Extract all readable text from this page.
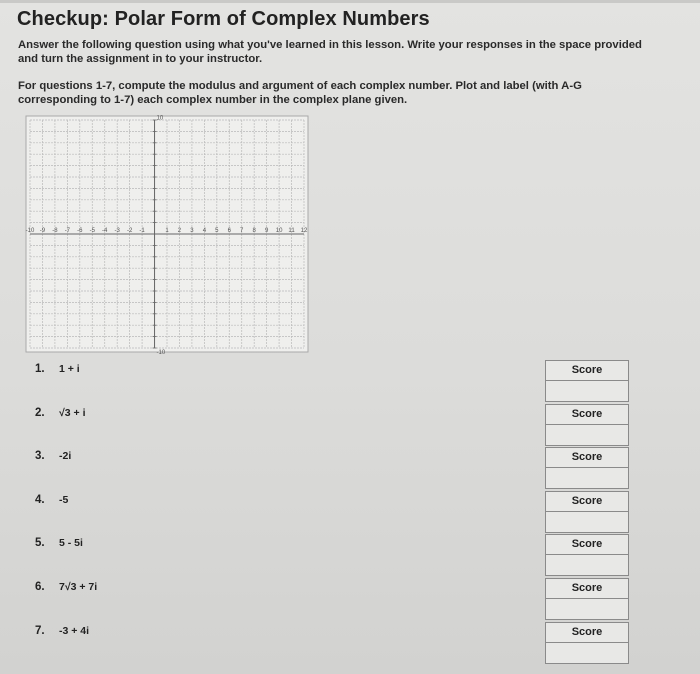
Checkup: Polar Form of Complex Numbers
Answer the following question using what you've learned in this lesson. Write your responses in the space provided and turn the assignment in to your instructor.
For questions 1-7, compute the modulus and argument of each complex number. Plot and label (with A-G corresponding to 1-7) each complex number in the complex plane given.
-10 -9 -8 -7 -6 -5 -4 -3 -2 -1	1 2 3 4 5 6 7 8 9 10 11 12
10
-10
1.	1 + i	Score
2.	√3 + i	Score
3.	-2i	Score
4.	-5	Score
5.	5 - 5i	Score
6.	7√3 + 7i	Score
7.	-3 + 4i	Score
